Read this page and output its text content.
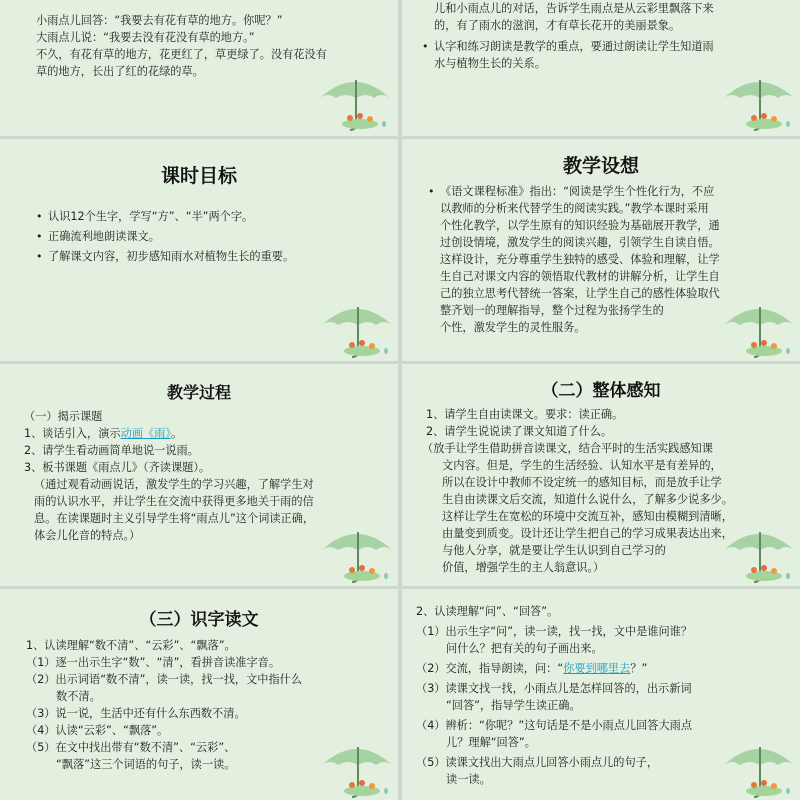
小雨点儿回答：“我要去有花有草的地方。你呢？”
大雨点儿说：“我要去没有花没有草的地方。”
不久，有花有草的地方，花更红了，草更绿了。没有花没有
草的地方，长出了红的花绿的草。
儿和小雨点儿的对话，告诉学生雨点是从云彩里飘落下来
的，有了雨水的滋润，才有草长花开的美丽景象。
• 认字和练习朗读是教学的重点，要通过朗读让学生知道雨
水与植物生长的关系。
课时目标
• 认识12个生字，学写“方”、“半”两个字。
• 正确流利地朗读课文。
• 了解课文内容，初步感知雨水对植物生长的重要。
教学设想
• 《语文课程标准》指出：“阅读是学生个性化行为，不应
以教师的分析来代替学生的阅读实践。”教学本课时采用
个性化教学，以学生原有的知识经验为基础展开教学，通
过创设情境，激发学生的阅读兴趣，引领学生自读自悟。
这样设计，充分尊重学生独特的感受、体验和理解，让学
生自己对课文内容的领悟取代教材的讲解分析，让学生自
己的独立思考代替统一答案，让学生自己的感性体验取代
整齐划一的理解指导，整个过程为张扬学生的
个性，激发学生的灵性服务。
教学过程
（一）揭示课题
1、谈话引入，演示动画《雨》。
2、请学生看动画简单地说一说雨。
3、板书课题《雨点儿》（齐读课题）。
（通过观看动画说话，激发学生的学习兴趣，了解学生对
雨的认识水平，并让学生在交流中获得更多地关于雨的信
息。在读课题时主义引导学生将“雨点儿”这个词读正确，
体会儿化音的特点。）
（二）整体感知
1、请学生自由读课文。要求：读正确。
2、请学生说说读了课文知道了什么。
（放手让学生借助拼音读课文，结合平时的生活实践感知课
文内容。但是，学生的生活经验、认知水平是有差异的，
所以在设计中教师不设定统一的感知目标，而是放手让学
生自由读课文后交流，知道什么说什么，了解多少说多少。
这样让学生在宽松的环境中交流互补，感知由模糊到清晰，
由量变到质变。设计还让学生把自己的学习成果表达出来，
与他人分享，就是要让学生认识到自己学习的
价值，增强学生的主人翁意识。）
（三）识字读文
1、认读理解“数不清”、“云彩”、“飘落”。
（1）逐一出示生字“数”、“清”，看拼音读准字音。
（2）出示词语“数不清”，读一读，找一找，文中指什么
数不清。
（3）说一说，生活中还有什么东西数不清。
（4）认读“云彩”、“飘落”。
（5）在文中找出带有“数不清”、“云彩”、
“飘落”这三个词语的句子，读一读。
2、认读理解“问”、“回答”。
（1）出示生字“问”，读一读，找一找，文中是谁问谁？
问什么？把有关的句子画出来。
（2）交流，指导朗读，问：“你要到哪里去？”
（3）读课文找一找，小雨点儿是怎样回答的，出示新词
“回答”，指导学生读正确。
（4）辨析：“你呢？”这句话是不是小雨点儿回答大雨点
儿？理解“回答”。
（5）读课文找出大雨点儿回答小雨点儿的句子，
读一读。
